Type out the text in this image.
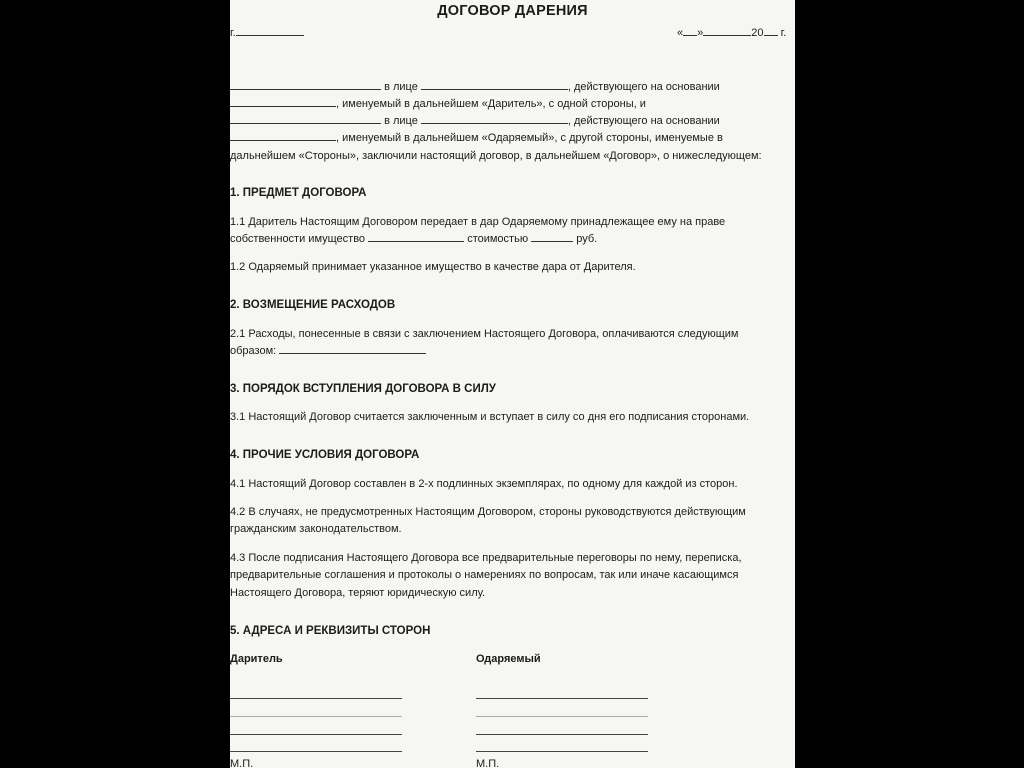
ДОГОВОР ДАРЕНИЯ
г.	« »	20 г.
в лице	, действующего на основании
, именуемый в дальнейшем «Даритель», с одной стороны, и
в лице	, действующего на основании
, именуемый в дальнейшем «Одаряемый», с другой стороны, именуемые в
дальнейшем «Стороны», заключили настоящий договор, в дальнейшем «Договор», о нижеследующем:
1. ПРЕДМЕТ ДОГОВОРА
1.1 Даритель Настоящим Договором передает в дар Одаряемому принадлежащее ему на праве
собственности имущество	стоимостью	руб.
1.2 Одаряемый принимает указанное имущество в качестве дара от Дарителя.
2. ВОЗМЕЩЕНИЕ РАСХОДОВ
2.1 Расходы, понесенные в связи с заключением Настоящего Договора, оплачиваются следующим
образом:
3. ПОРЯДОК ВСТУПЛЕНИЯ ДОГОВОРА В СИЛУ
3.1 Настоящий Договор считается заключенным и вступает в силу со дня его подписания сторонами.
4. ПРОЧИЕ УСЛОВИЯ ДОГОВОРА
4.1 Настоящий Договор составлен в 2-х подлинных экземплярах, по одному для каждой из сторон.
4.2 В случаях, не предусмотренных Настоящим Договором, стороны руководствуются действующим
гражданским законодательством.
4.3 После подписания Настоящего Договора все предварительные переговоры по нему, переписка,
предварительные соглашения и протоколы о намерениях по вопросам, так или иначе касающимся
Настоящего Договора, теряют юридическую силу.
5. АДРЕСА И РЕКВИЗИТЫ СТОРОН
Даритель	Одаряемый
М.П.	М.П.
